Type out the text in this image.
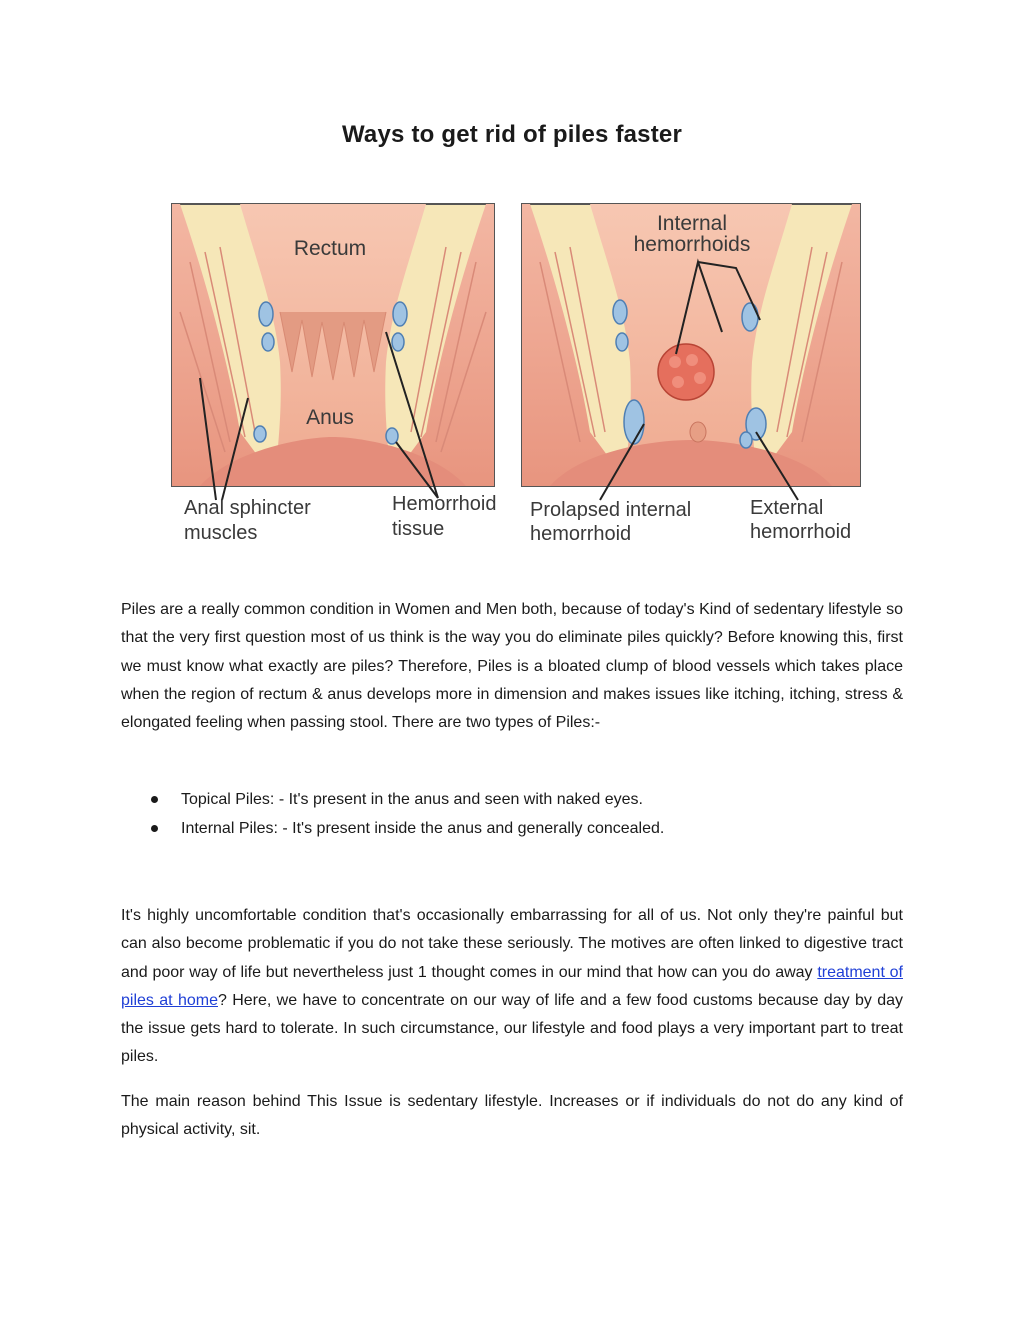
Ways to get rid of piles faster
Rectum
Anus
Internal
hemorrhoids
Anal sphincter
muscles
Hemorrhoid
tissue
Prolapsed internal
hemorrhoid
External
hemorrhoid

Piles are a really common condition in Women and Men both, because of today's Kind of sedentary lifestyle so that the very first question most of us think is the way you do eliminate piles quickly? Before knowing this, first we must know what exactly are piles? Therefore, Piles is a bloated clump of blood vessels which takes place when the region of rectum & anus develops more in dimension and makes issues like itching, itching, stress & elongated feeling when passing stool. There are two types of Piles:-

Topical Piles: - It's present in the anus and seen with naked eyes.
Internal Piles: - It's present inside the anus and generally concealed.

It's highly uncomfortable condition that's occasionally embarrassing for all of us. Not only they're painful but can also become problematic if you do not take these seriously. The motives are often linked to digestive tract and poor way of life but nevertheless just 1 thought comes in our mind that how can you do away treatment of piles at home? Here, we have to concentrate on our way of life and a few food customs because day by day the issue gets hard to tolerate. In such circumstance, our lifestyle and food plays a very important part to treat piles.

The main reason behind This Issue is sedentary lifestyle. Increases or if individuals do not do any kind of physical activity, sit.
